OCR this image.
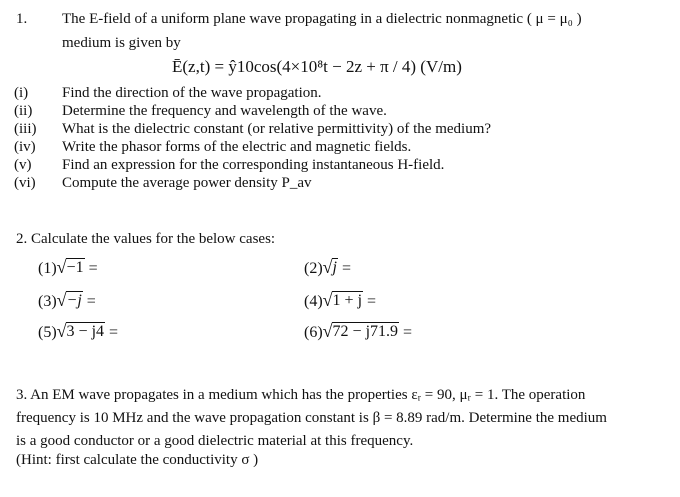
1. The E-field of a uniform plane wave propagating in a dielectric nonmagnetic ( μ = μ₀ )
medium is given by
Ē(z,t) = ŷ10cos(4×10⁸t − 2z + π / 4) (V/m)
(i) Find the direction of the wave propagation.
(ii) Determine the frequency and wavelength of the wave.
(iii) What is the dielectric constant (or relative permittivity) of the medium?
(iv) Write the phasor forms of the electric and magnetic fields.
(v) Find an expression for the corresponding instantaneous H-field.
(vi) Compute the average power density P_av
2. Calculate the values for the below cases:
(1) √ −1 =	(2) √ j =
(3) √ −j =	(4) √ 1 + j =
(5) √ 3 − j4 =	(6) √ 72 − j71.9 =
3. An EM wave propagates in a medium which has the properties εᵣ = 90, μᵣ = 1. The operation
frequency is 10 MHz and the wave propagation constant is β = 8.89 rad/m. Determine the medium
is a good conductor or a good dielectric material at this frequency.
(Hint: first calculate the conductivity σ )
